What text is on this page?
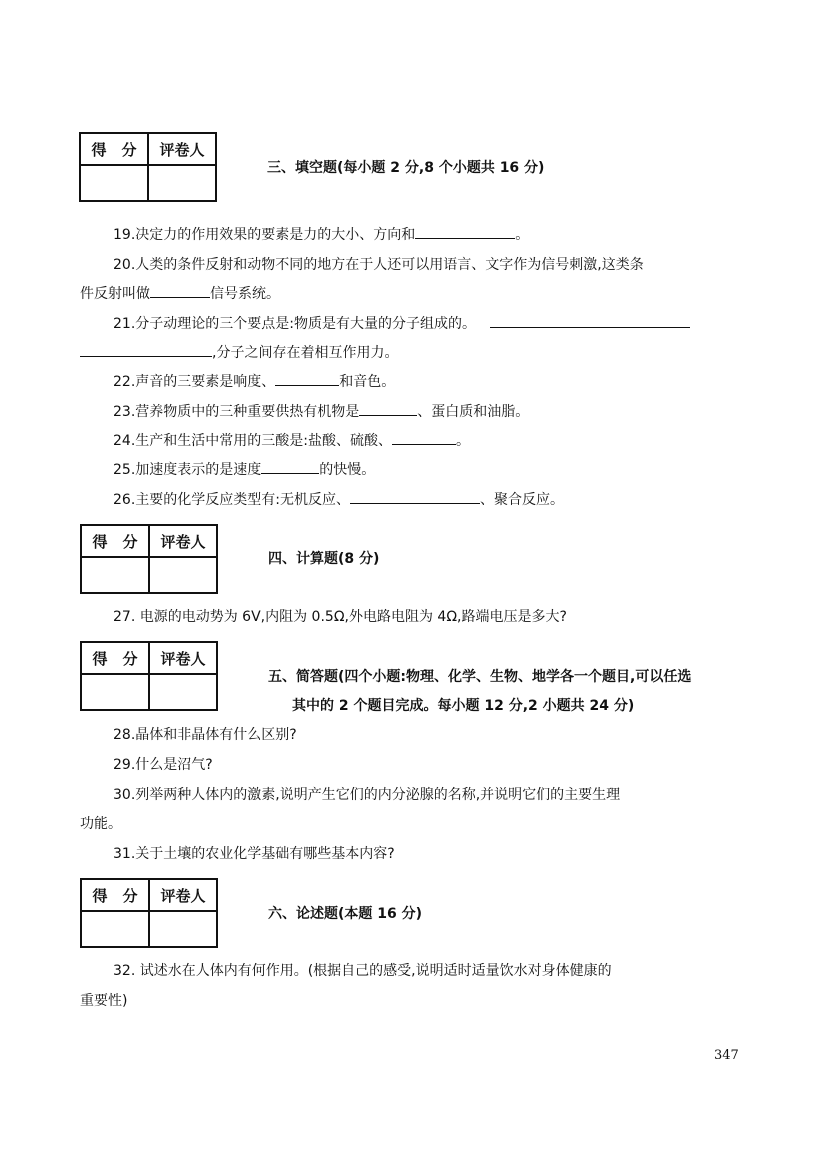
得　分	评卷人

三、填空题(每小题 2 分,8 个小题共 16 分)
19.决定力的作用效果的要素是力的大小、方向和	。
20.人类的条件反射和动物不同的地方在于人还可以用语言、文字作为信号刺激,这类条
件反射叫做	信号系统。
21.分子动理论的三个要点是:物质是有大量的分子组成的。
,分子之间存在着相互作用力。
22.声音的三要素是响度、	和音色。
23.营养物质中的三种重要供热有机物是	、蛋白质和油脂。
24.生产和生活中常用的三酸是:盐酸、硫酸、	。
25.加速度表示的是速度	的快慢。
26.主要的化学反应类型有:无机反应、	、聚合反应。
得　分	评卷人

四、计算题(8 分)
27. 电源的电动势为 6V,内阻为 0.5Ω,外电路电阻为 4Ω,路端电压是多大?
得　分	评卷人

五、简答题(四个小题:物理、化学、生物、地学各一个题目,可以任选
其中的 2 个题目完成。每小题 12 分,2 小题共 24 分)
28.晶体和非晶体有什么区别?
29.什么是沼气?
30.列举两种人体内的激素,说明产生它们的内分泌腺的名称,并说明它们的主要生理
功能。
31.关于土壤的农业化学基础有哪些基本内容?
得　分	评卷人

六、论述题(本题 16 分)
32. 试述水在人体内有何作用。(根据自己的感受,说明适时适量饮水对身体健康的
重要性)
347
